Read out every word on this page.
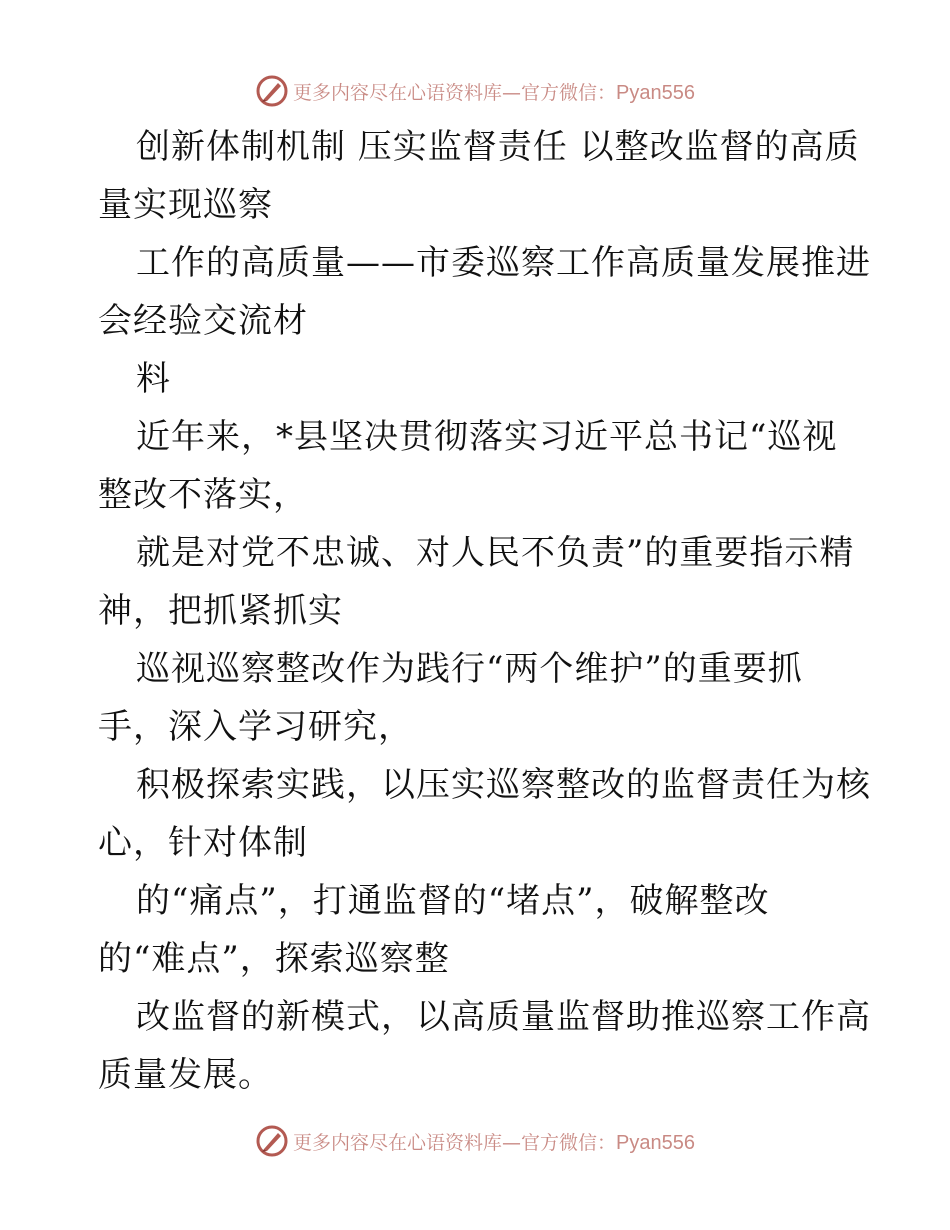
更多内容尽在心语资料库—官方微信：Pyan556
创新体制机制 压实监督责任 以整改监督的高质
量实现巡察
工作的高质量——市委巡察工作高质量发展推进
会经验交流材
料
近年来，*县坚决贯彻落实习近平总书记“巡视
整改不落实，
就是对党不忠诚、对人民不负责”的重要指示精
神，把抓紧抓实
巡视巡察整改作为践行“两个维护”的重要抓
手，深入学习研究，
积极探索实践，以压实巡察整改的监督责任为核
心，针对体制
的“痛点”，打通监督的“堵点”，破解整改
的“难点”，探索巡察整
改监督的新模式，以高质量监督助推巡察工作高
质量发展。
更多内容尽在心语资料库—官方微信：Pyan556
